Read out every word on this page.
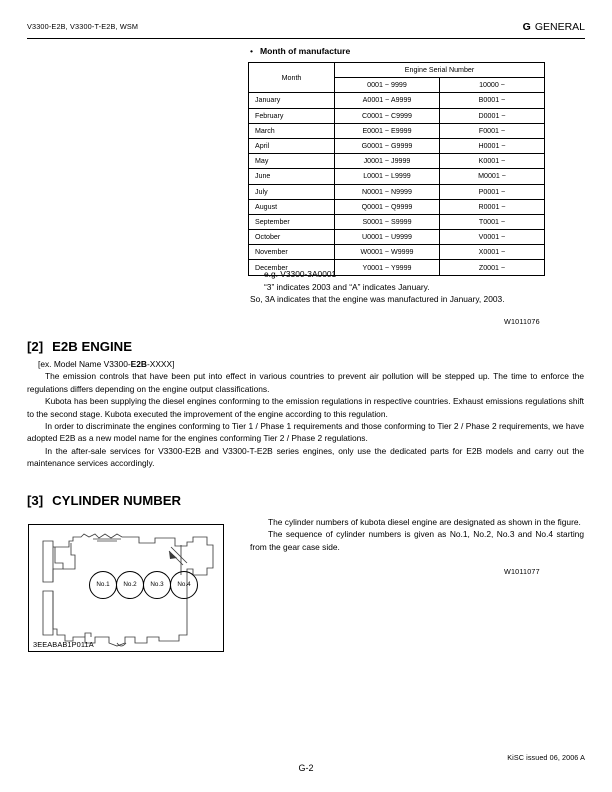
V3300-E2B, V3300-T-E2B, WSM	G GENERAL
• Month of manufacture
Month	Engine Serial Number	
	0001 ~ 9999	10000 ~
January	A0001 ~ A9999	B0001 ~
February	C0001 ~ C9999	D0001 ~
March	E0001 ~ E9999	F0001 ~
April	G0001 ~ G9999	H0001 ~
May	J0001 ~ J9999	K0001 ~
June	L0001 ~ L9999	M0001 ~
July	N0001 ~ N9999	P0001 ~
August	Q0001 ~ Q9999	R0001 ~
September	S0001 ~ S9999	T0001 ~
October	U0001 ~ U9999	V0001 ~
November	W0001 ~ W9999	X0001 ~
December	Y0001 ~ Y9999	Z0001 ~
e.g. V3300-3A0001
“3” indicates 2003 and “A” indicates January.
So, 3A indicates that the engine was manufactured in January, 2003.
W1011076
[2] E2B ENGINE

[ex. Model Name V3300-E2B-XXXX]

The emission controls that have been put into effect in various countries to prevent air pollution will be stepped up. The time to enforce the regulations differs depending on the engine output classifications.

Kubota has been supplying the diesel engines conforming to the emission regulations in respective countries. Exhaust emissions regulations shift to the second stage. Kubota executed the improvement of the engine according to this regulation.

In order to discriminate the engines conforming to Tier 1 / Phase 1 requirements and those conforming to Tier 2 / Phase 2 requirements, we have adopted E2B as a new model name for the engines conforming Tier 2 / Phase 2 regulations.

In the after-sale services for V3300-E2B and V3300-T-E2B series engines, only use the dedicated parts for E2B models and carry out the maintenance services accordingly.

[3] CYLINDER NUMBER

The cylinder numbers of kubota diesel engine are designated as shown in the figure.

The sequence of cylinder numbers is given as No.1, No.2, No.3 and No.4 starting from the gear case side.

W1011077
No.1	No.2	No.3	No.4
3EEABAB1P011A
G-2
KiSC issued 06, 2006 A
